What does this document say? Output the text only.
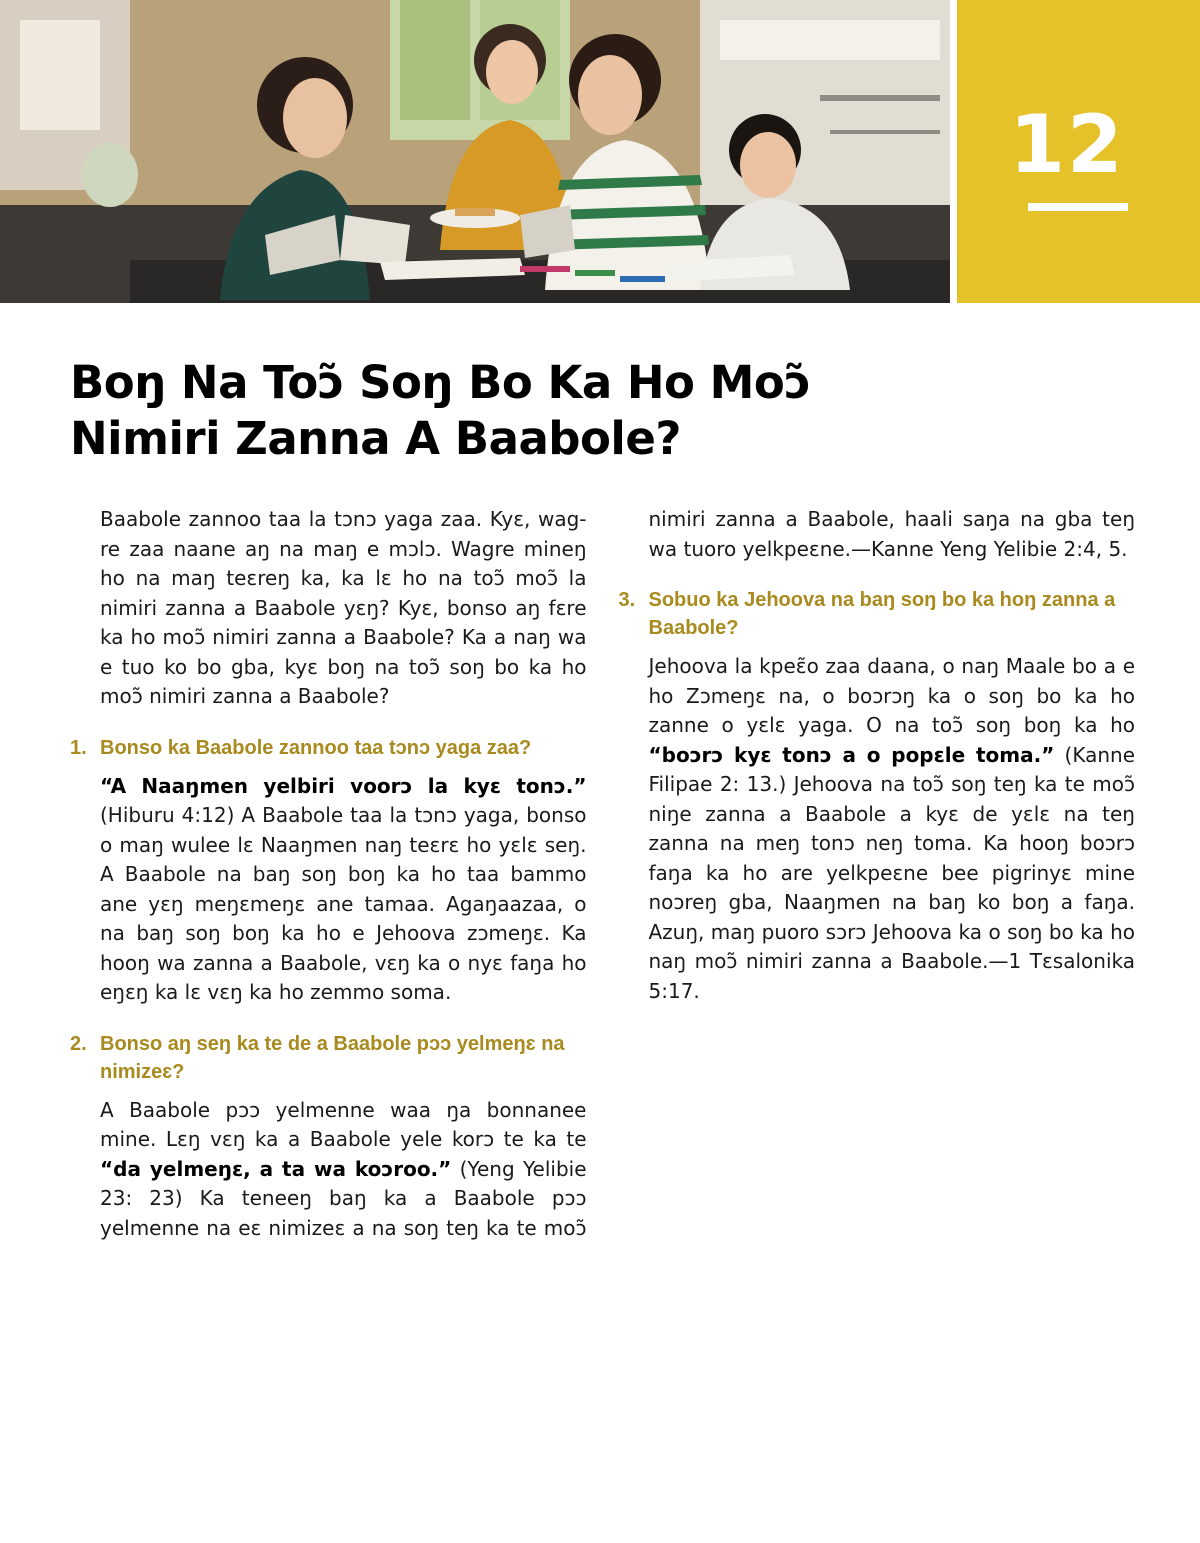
12
Boŋ Na Toɔ̃ Soŋ Bo Ka Ho Moɔ̃
Nimiri Zanna A Baabole?

Baabole zannoo taa la tɔnɔ yaga zaa. Kyɛ, wagre zaa naane aŋ na maŋ e mɔlɔ. Wagre mineŋ ho na maŋ teɛreŋ ka, ka lɛ ho na toɔ̃ moɔ̃ la nimiri zanna a Baabole yɛŋ? Kyɛ, bonso aŋ fɛre ka ho moɔ̃ nimiri zanna a Baabole? Ka a naŋ wa e tuo ko bo gba, kyɛ boŋ na toɔ̃ soŋ bo ka ho moɔ̃ nimiri zanna a Baabole?

1. Bonso ka Baabole zannoo taa tɔnɔ yaga zaa?

“A Naaŋmen yelbiri voorɔ la kyɛ tonɔ.” (Hiburu 4:12) A Baabole taa la tɔnɔ yaga, bonso o maŋ wulee lɛ Naaŋmen naŋ teɛrɛ ho yɛlɛ seŋ. A Baabole na baŋ soŋ boŋ ka ho taa bammo ane yɛŋ meŋɛmeŋɛ ane tamaa. Agaŋaazaa, o na baŋ soŋ boŋ ka ho e Jehoova zɔmeŋɛ. Ka hooŋ wa zanna a Baabole, vɛŋ ka o nyɛ faŋa ho eŋɛŋ ka lɛ vɛŋ ka ho zemmo soma.

2. Bonso aŋ seŋ ka te de a Baabole pɔɔ yelmeŋɛ na nimizeɛ?

A Baabole pɔɔ yelmenne waa ŋa bonnanee mine. Lɛŋ vɛŋ ka a Baabole yele korɔ te ka te “da yelmeŋɛ, a ta wa koɔroo.” (Yeng Yelibie 23: 23) Ka teneeŋ baŋ ka a Baabole pɔɔ yelmenne na eɛ nimizeɛ a na soŋ teŋ ka te moɔ̃ nimiri zanna a Baabole, haali saŋa na gba teŋ wa tuoro yelkpeɛne.—Kanne Yeng Yelibie 2:4, 5.

3. Sobuo ka Jehoova na baŋ soŋ bo ka hoŋ zanna a Baabole?

Jehoova la kpeɛ̃o zaa daana, o naŋ Maale bo a e ho Zɔmeŋɛ na, o boɔrɔŋ ka o soŋ bo ka ho zanne o yɛlɛ yaga. O na toɔ̃ soŋ boŋ ka ho “boɔrɔ kyɛ tonɔ a o popɛle toma.” (Kanne Filipae 2: 13.) Jehoova na toɔ̃ soŋ teŋ ka te moɔ̃ niŋe zanna a Baabole a kyɛ de yɛlɛ na teŋ zanna na meŋ tonɔ neŋ toma. Ka hooŋ boɔrɔ faŋa ka ho are yelkpeɛne bee pigrinyɛ mine noɔreŋ gba, Naaŋmen na baŋ ko boŋ a faŋa. Azuŋ, maŋ puoro sɔrɔ Jehoova ka o soŋ bo ka ho naŋ moɔ̃ nimiri zanna a Baabole.—1 Tɛsalonika 5:17.
